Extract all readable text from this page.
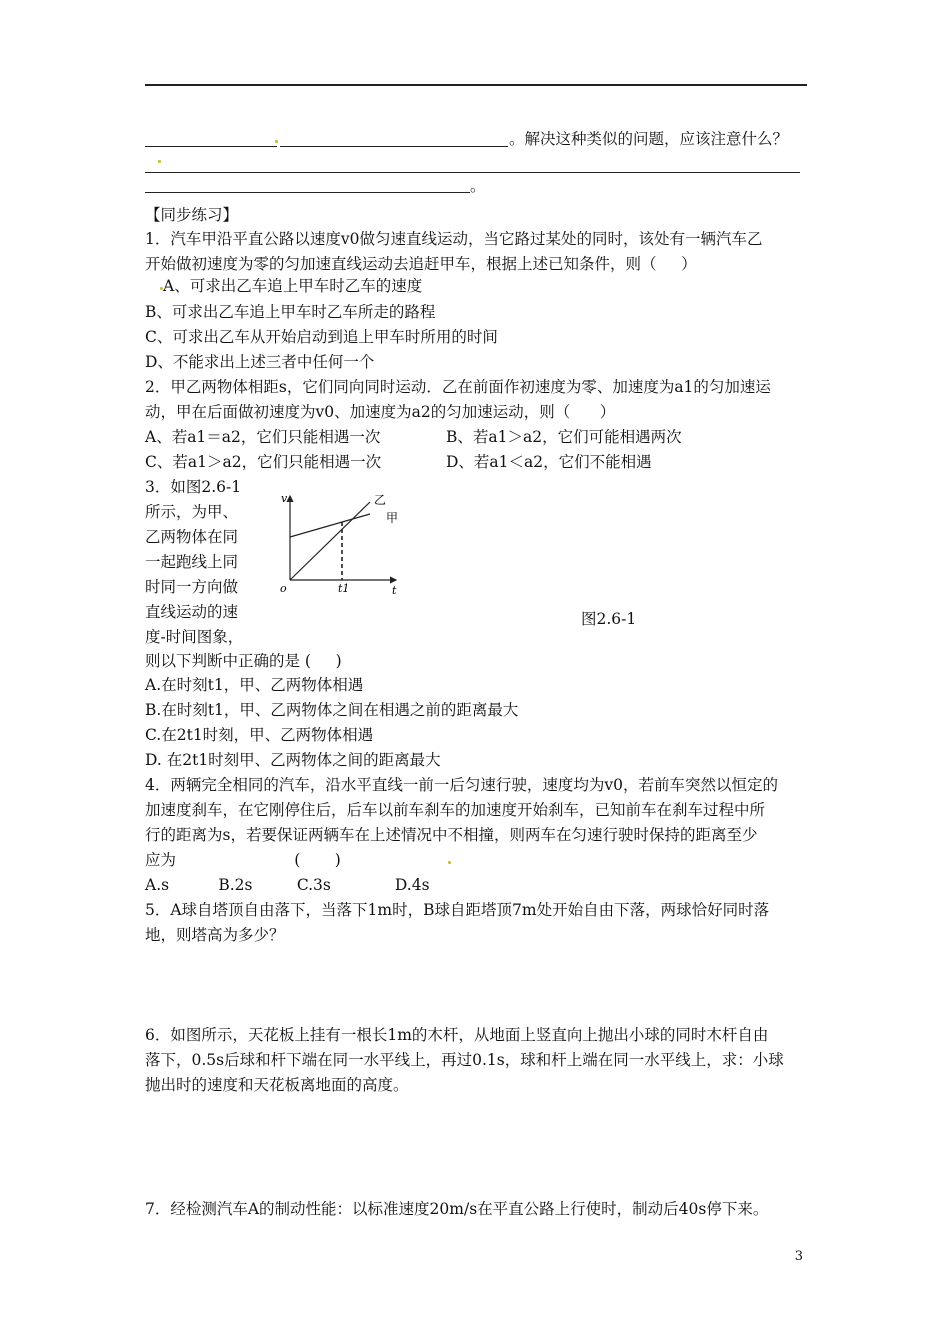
。解决这种类似的问题，应该注意什么？
。
【同步练习】
1．汽车甲沿平直公路以速度v0做匀速直线运动，当它路过某处的同时，该处有一辆汽车乙
开始做初速度为零的匀加速直线运动去追赶甲车，根据上述已知条件，则（     ）
A、可求出乙车追上甲车时乙车的速度
B、可求出乙车追上甲车时乙车所走的路程
C、可求出乙车从开始启动到追上甲车时所用的时间
D、不能求出上述三者中任何一个
2．甲乙两物体相距s，它们同向同时运动．乙在前面作初速度为零、加速度为a1的匀加速运
动，甲在后面做初速度为v0、加速度为a2的匀加速运动，则（      ）
A、若a1＝a2，它们只能相遇一次	B、若a1＞a2，它们可能相遇两次
C、若a1＞a2，它们只能相遇一次	D、若a1＜a2，它们不能相遇
3．如图2.6-1
所示，为甲、
乙两物体在同
一起跑线上同
时同一方向做
直线运动的速
度-时间图象，
v
o	t1	t
乙
甲
图2.6-1
则以下判断中正确的是 (     )
A.在时刻t1，甲、乙两物体相遇
B.在时刻t1，甲、乙两物体之间在相遇之前的距离最大
C.在2t1时刻，甲、乙两物体相遇
D. 在2t1时刻甲、乙两物体之间的距离最大
4．两辆完全相同的汽车，沿水平直线一前一后匀速行驶，速度均为v0，若前车突然以恒定的
加速度刹车，在它刚停住后，后车以前车刹车的加速度开始刹车，已知前车在刹车过程中所
行的距离为s，若要保证两辆车在上述情况中不相撞，则两车在匀速行驶时保持的距离至少
应为                        (       )
A.s          B.2s         C.3s             D.4s
5．A球自塔顶自由落下，当落下1m时，B球自距塔顶7m处开始自由下落，两球恰好同时落
地，则塔高为多少？
6．如图所示，天花板上挂有一根长1m的木杆，从地面上竖直向上抛出小球的同时木杆自由
落下，0.5s后球和杆下端在同一水平线上，再过0.1s，球和杆上端在同一水平线上，求：小球
抛出时的速度和天花板离地面的高度。
7．经检测汽车A的制动性能：以标准速度20m/s在平直公路上行使时，制动后40s停下来。
3
